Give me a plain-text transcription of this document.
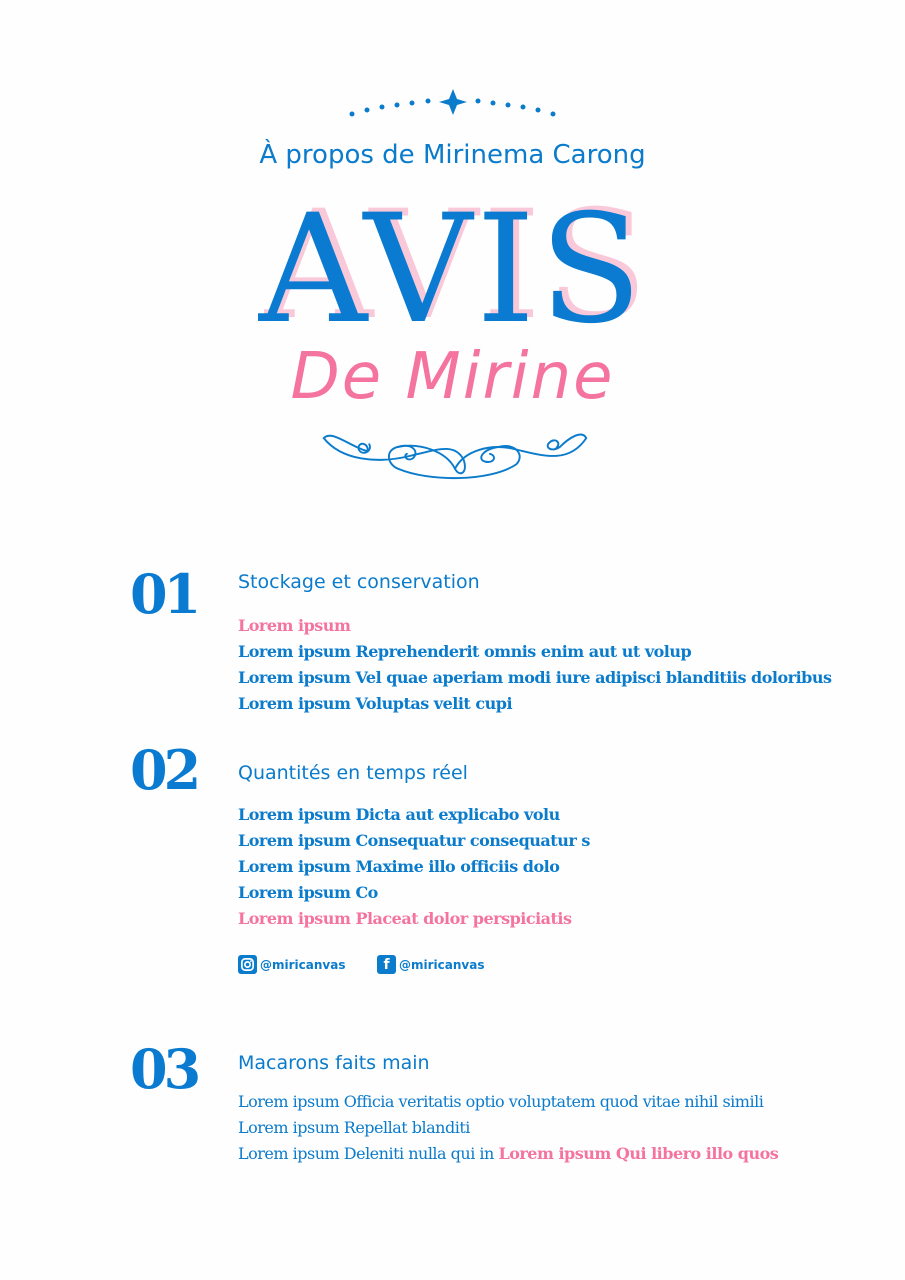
À propos de Mirinema Carong
AVIS
De Mirine
01 Stockage et conservation
Lorem ipsum
Lorem ipsum Reprehenderit omnis enim aut ut volup
Lorem ipsum Vel quae aperiam modi iure adipisci blanditiis doloribus
Lorem ipsum Voluptas velit cupi
02 Quantités en temps réel
Lorem ipsum Dicta aut explicabo volu
Lorem ipsum Consequatur consequatur s
Lorem ipsum Maxime illo officiis dolo
Lorem ipsum Co
Lorem ipsum Placeat dolor perspiciatis
@miricanvas	f @miricanvas
03 Macarons faits main
Lorem ipsum Officia veritatis optio voluptatem quod vitae nihil simili
Lorem ipsum Repellat blanditi
Lorem ipsum Deleniti nulla qui in Lorem ipsum Qui libero illo quos
